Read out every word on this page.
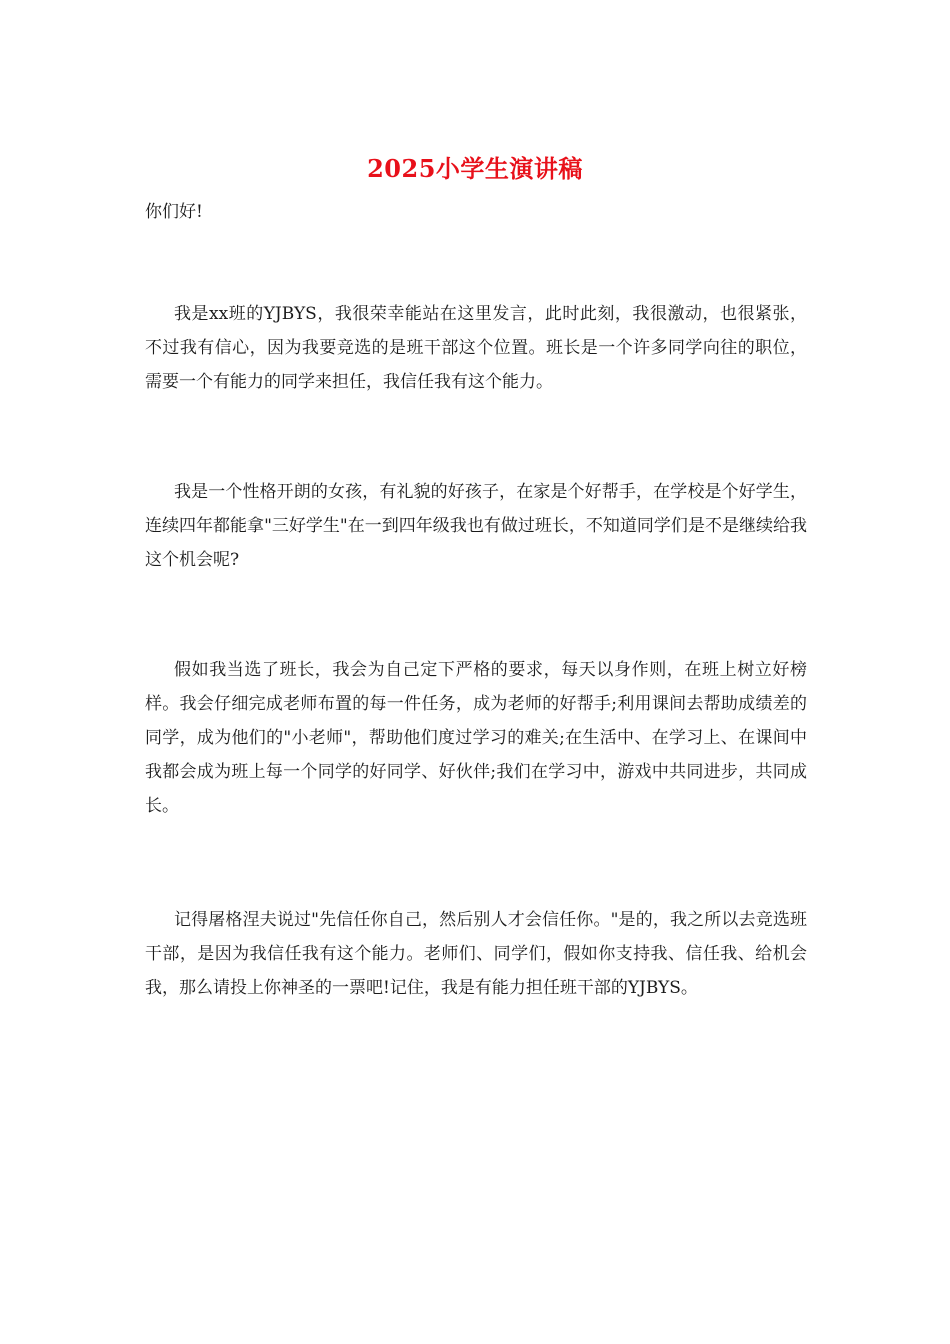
2025小学生演讲稿
你们好!

我是xx班的YJBYS，我很荣幸能站在这里发言，此时此刻，我很激动，也很紧张，不过我有信心，因为我要竞选的是班干部这个位置。班长是一个许多同学向往的职位，需要一个有能力的同学来担任，我信任我有这个能力。

我是一个性格开朗的女孩，有礼貌的好孩子，在家是个好帮手，在学校是个好学生，连续四年都能拿"三好学生"在一到四年级我也有做过班长，不知道同学们是不是继续给我这个机会呢?

假如我当选了班长，我会为自己定下严格的要求，每天以身作则，在班上树立好榜样。我会仔细完成老师布置的每一件任务，成为老师的好帮手;利用课间去帮助成绩差的同学，成为他们的"小老师"，帮助他们度过学习的难关;在生活中、在学习上、在课间中我都会成为班上每一个同学的好同学、好伙伴;我们在学习中，游戏中共同进步，共同成长。

记得屠格涅夫说过"先信任你自己，然后别人才会信任你。"是的，我之所以去竞选班干部，是因为我信任我有这个能力。老师们、同学们，假如你支持我、信任我、给机会我，那么请投上你神圣的一票吧!记住，我是有能力担任班干部的YJBYS。
